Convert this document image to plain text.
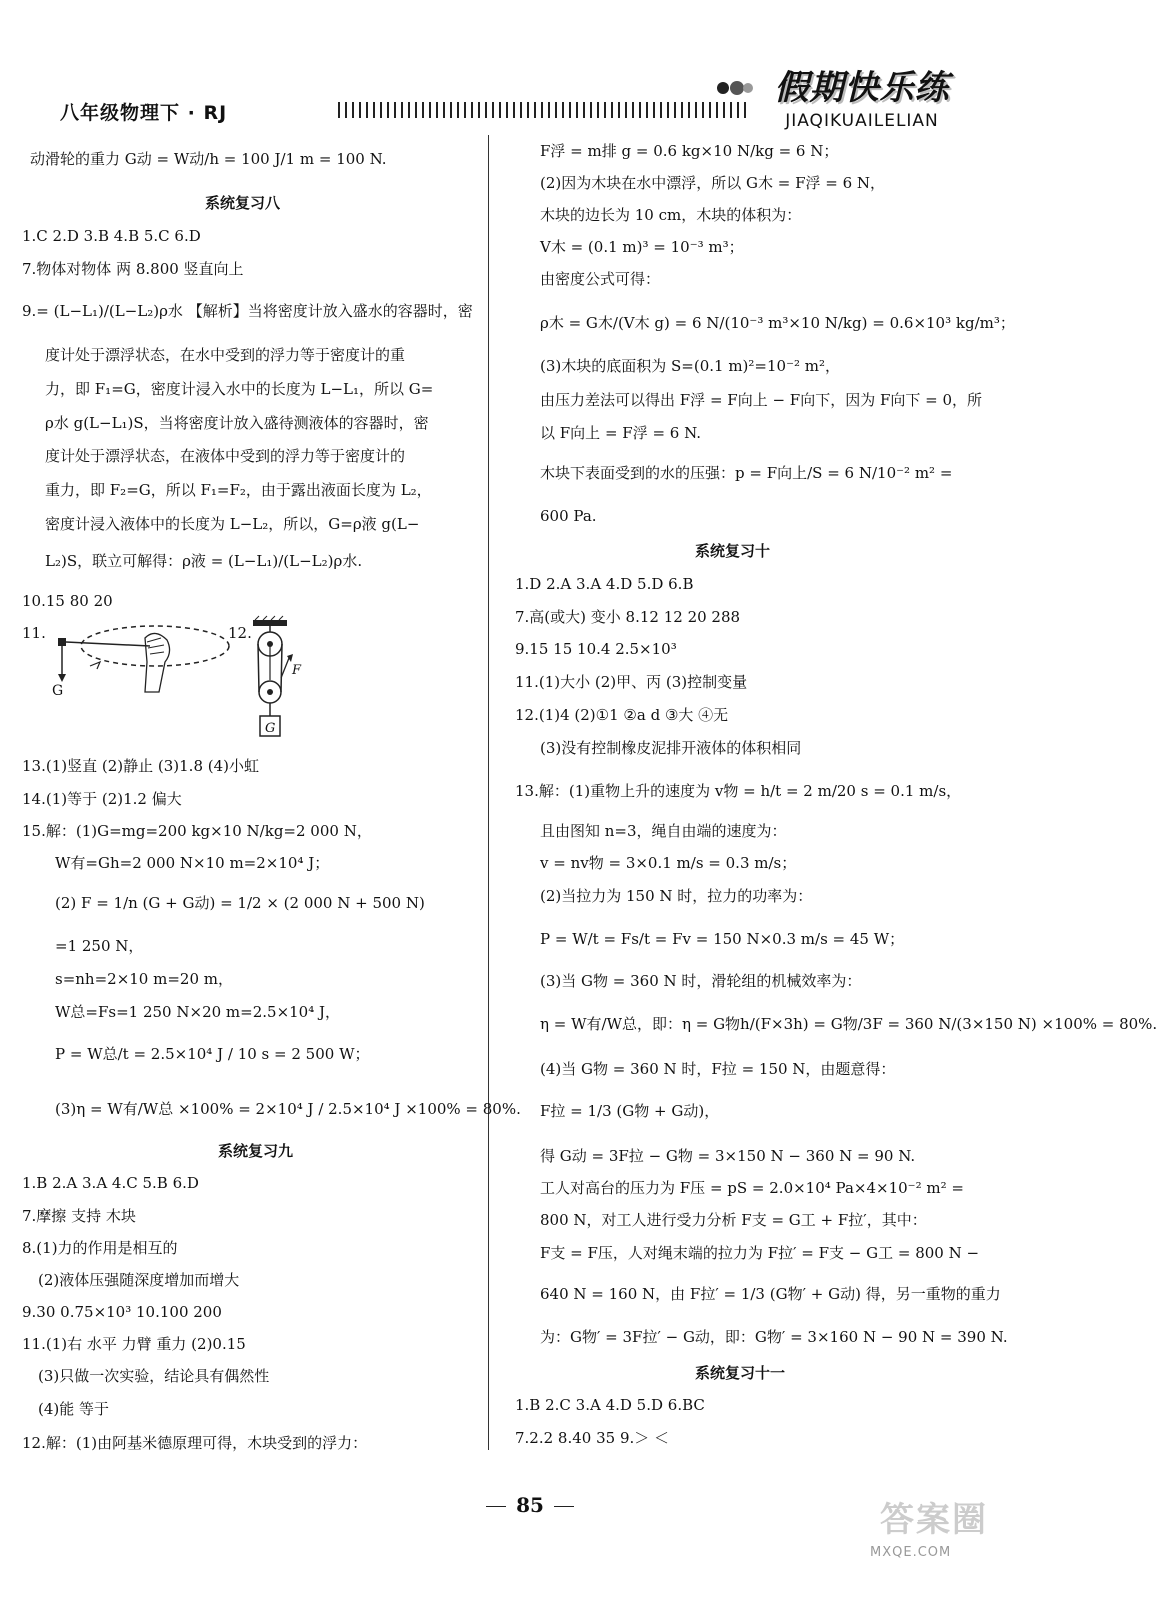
八年级物理下 · RJ
假期快乐练
JIAQIKUAILELIAN
动滑轮的重力 G动 = W动/h = 100 J/1 m = 100 N.
系统复习八
1.C 2.D 3.B 4.B 5.C 6.D
7.物体对物体 两 8.800 竖直向上
9.= (L−L₁)/(L−L₂)ρ水 【解析】当将密度计放入盛水的容器时，密
度计处于漂浮状态，在水中受到的浮力等于密度计的重
力，即 F₁=G，密度计浸入水中的长度为 L−L₁，所以 G=
ρ水 g(L−L₁)S，当将密度计放入盛待测液体的容器时，密
度计处于漂浮状态，在液体中受到的浮力等于密度计的
重力，即 F₂=G，所以 F₁=F₂，由于露出液面长度为 L₂，
密度计浸入液体中的长度为 L−L₂，所以，G=ρ液 g(L−
L₂)S，联立可解得：ρ液 = (L−L₁)/(L−L₂)ρ水.
10.15 80 20
11.	12.
G
F
G
13.(1)竖直 (2)静止 (3)1.8 (4)小虹
14.(1)等于 (2)1.2 偏大
15.解：(1)G=mg=200 kg×10 N/kg=2 000 N，
W有=Gh=2 000 N×10 m=2×10⁴ J；
(2) F = 1/n (G + G动) = 1/2 × (2 000 N + 500 N)
=1 250 N，
s=nh=2×10 m=20 m，
W总=Fs=1 250 N×20 m=2.5×10⁴ J，
P = W总/t = 2.5×10⁴ J / 10 s = 2 500 W；
(3)η = W有/W总 ×100% = 2×10⁴ J / 2.5×10⁴ J ×100% = 80%.
系统复习九
1.B 2.A 3.A 4.C 5.B 6.D
7.摩擦 支持 木块
8.(1)力的作用是相互的
(2)液体压强随深度增加而增大
9.30 0.75×10³ 10.100 200
11.(1)右 水平 力臂 重力 (2)0.15
(3)只做一次实验，结论具有偶然性
(4)能 等于
12.解：(1)由阿基米德原理可得，木块受到的浮力：
F浮 = m排 g = 0.6 kg×10 N/kg = 6 N；
(2)因为木块在水中漂浮，所以 G木 = F浮 = 6 N，
木块的边长为 10 cm，木块的体积为：
V木 = (0.1 m)³ = 10⁻³ m³；
由密度公式可得：
ρ木 = G木/(V木 g) = 6 N/(10⁻³ m³×10 N/kg) = 0.6×10³ kg/m³；
(3)木块的底面积为 S=(0.1 m)²=10⁻² m²，
由压力差法可以得出 F浮 = F向上 − F向下，因为 F向下 = 0，所
以 F向上 = F浮 = 6 N.
木块下表面受到的水的压强：p = F向上/S = 6 N/10⁻² m² =
600 Pa.
系统复习十
1.D 2.A 3.A 4.D 5.D 6.B
7.高(或大) 变小 8.12 12 20 288
9.15 15 10.4 2.5×10³
11.(1)大小 (2)甲、丙 (3)控制变量
12.(1)4 (2)①1 ②a d ③大 ④无
(3)没有控制橡皮泥排开液体的体积相同
13.解：(1)重物上升的速度为 v物 = h/t = 2 m/20 s = 0.1 m/s，
且由图知 n=3，绳自由端的速度为：
v = nv物 = 3×0.1 m/s = 0.3 m/s；
(2)当拉力为 150 N 时，拉力的功率为：
P = W/t = Fs/t = Fv = 150 N×0.3 m/s = 45 W；
(3)当 G物 = 360 N 时，滑轮组的机械效率为：
η = W有/W总，即：η = G物h/(F×3h) = G物/3F = 360 N/(3×150 N) ×100% = 80%.
(4)当 G物 = 360 N 时，F拉 = 150 N，由题意得：
F拉 = 1/3 (G物 + G动)，
得 G动 = 3F拉 − G物 = 3×150 N − 360 N = 90 N.
工人对高台的压力为 F压 = pS = 2.0×10⁴ Pa×4×10⁻² m² =
800 N，对工人进行受力分析 F支 = G工 + F拉′，其中：
F支 = F压，人对绳末端的拉力为 F拉′ = F支 − G工 = 800 N −
640 N = 160 N，由 F拉′ = 1/3 (G物′ + G动) 得，另一重物的重力
为：G物′ = 3F拉′ − G动，即：G物′ = 3×160 N − 90 N = 390 N.
系统复习十一
1.B 2.C 3.A 4.D 5.D 6.BC
7.2.2 8.40 35 9.＞ ＜
85	答案圈
MXQE.COM
